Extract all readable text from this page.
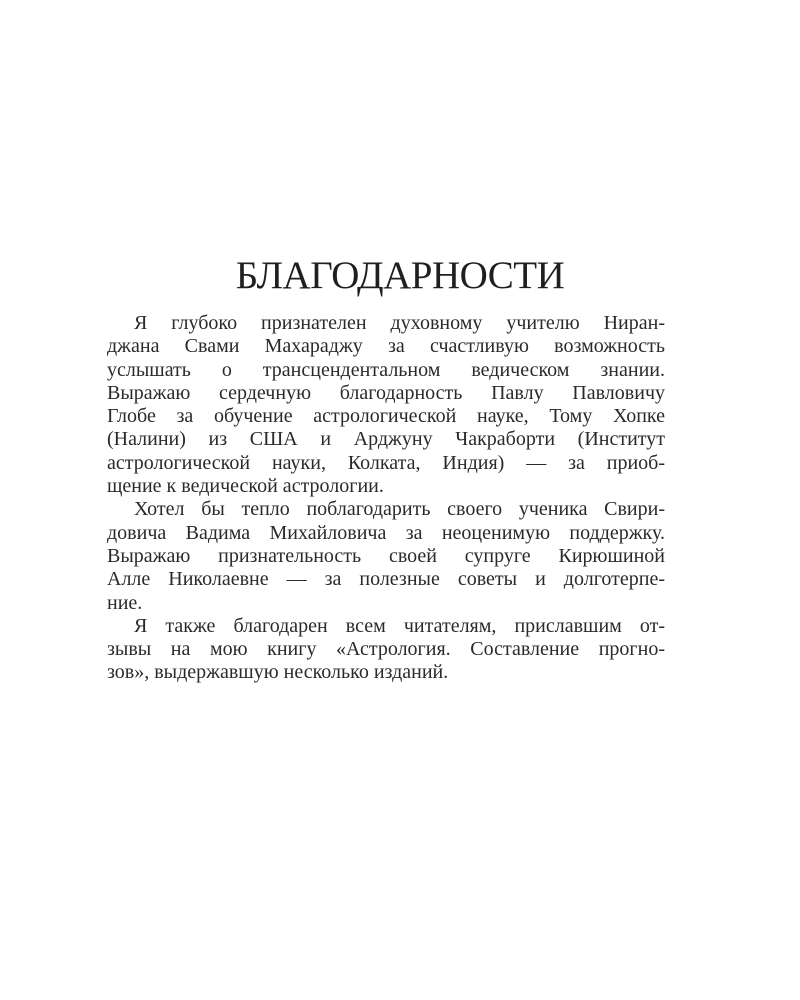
БЛАГОДАРНОСТИ
Я глубоко признателен духовному учителю Ниран-
джана Свами Махараджу за счастливую возможность
услышать о трансцендентальном ведическом знании.
Выражаю сердечную благодарность Павлу Павловичу
Глобе за обучение астрологической науке, Тому Хопке
(Налини) из США и Арджуну Чакраборти (Институт
астрологической науки, Колката, Индия) — за приоб-
щение к ведической астрологии.
Хотел бы тепло поблагодарить своего ученика Свири-
довича Вадима Михайловича за неоценимую поддержку.
Выражаю признательность своей супруге Кирюшиной
Алле Николаевне — за полезные советы и долготерпе-
ние.
Я также благодарен всем читателям, приславшим от-
зывы на мою книгу «Астрология. Составление прогно-
зов», выдержавшую несколько изданий.
